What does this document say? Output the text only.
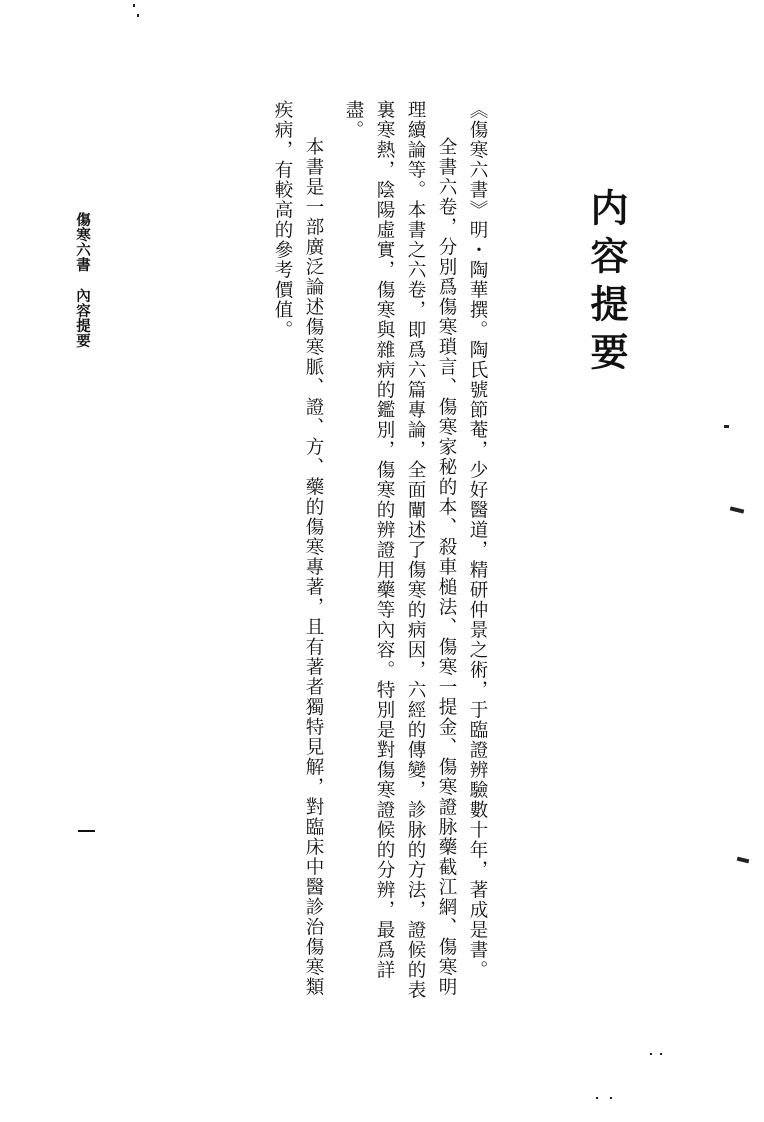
内容提要
《傷寒六書》明・陶華撰。陶氏號節菴，少好醫道，精研仲景之術，于臨證辨驗數十年，著成是書。
全書六卷，分別爲傷寒瑣言、傷寒家秘的本、殺車槌法、傷寒一提金、傷寒證脉藥截江網、傷寒明理續論等。本書之六卷，即爲六篇專論，全面闡述了傷寒的病因，六經的傳變，診脉的方法，證候的表裏寒熱，陰陽虛實，傷寒與雜病的鑑別，傷寒的辨證用藥等內容。特別是對傷寒證候的分辨，最爲詳盡。
本書是一部廣泛論述傷寒脈、證、方、藥的傷寒專著，且有著者獨特見解，對臨床中醫診治傷寒類疾病，有較高的參考價值。
傷寒六書內容提要
